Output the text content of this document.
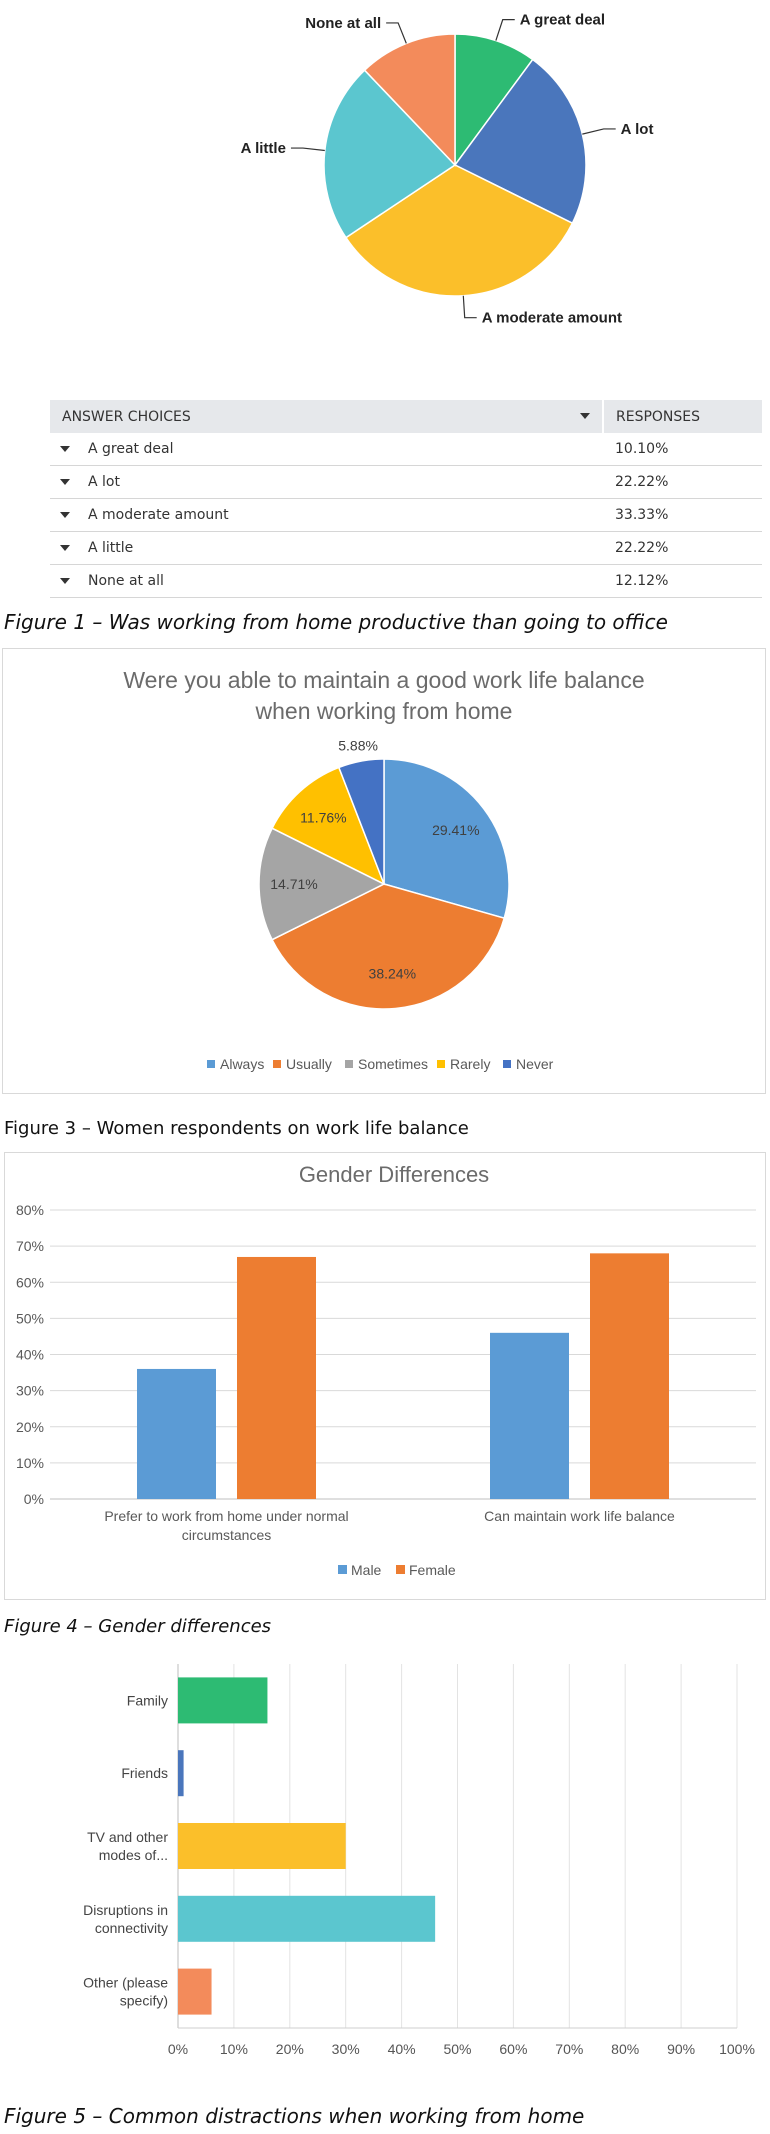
A great deal
A lot
A moderate amount
A little
None at all
ANSWER CHOICES	RESPONSES
A great deal	10.10%
A lot	22.22%
A moderate amount	33.33%
A little	22.22%
None at all	12.12%
Figure 1 – Was working from home productive than going to office
Were you able to maintain a good work life balance
when working from home
29.41%
38.24%
14.71%
11.76%
5.88%
Always Usually Sometimes Rarely Never
Figure 3 – Women respondents on work life balance
Gender Differences
0%
10%
20%
30%
40%
50%
60%
70%
80%
Prefer to work from home under normal
circumstances
Can maintain work life balance
Male Female
Figure 4 – Gender differences
Family
Friends
TV and other
modes of...
Disruptions in
connectivity
Other (please
specify)
0% 10% 20% 30% 40% 50% 60% 70% 80% 90% 100%
Figure 5 – Common distractions when working from home
